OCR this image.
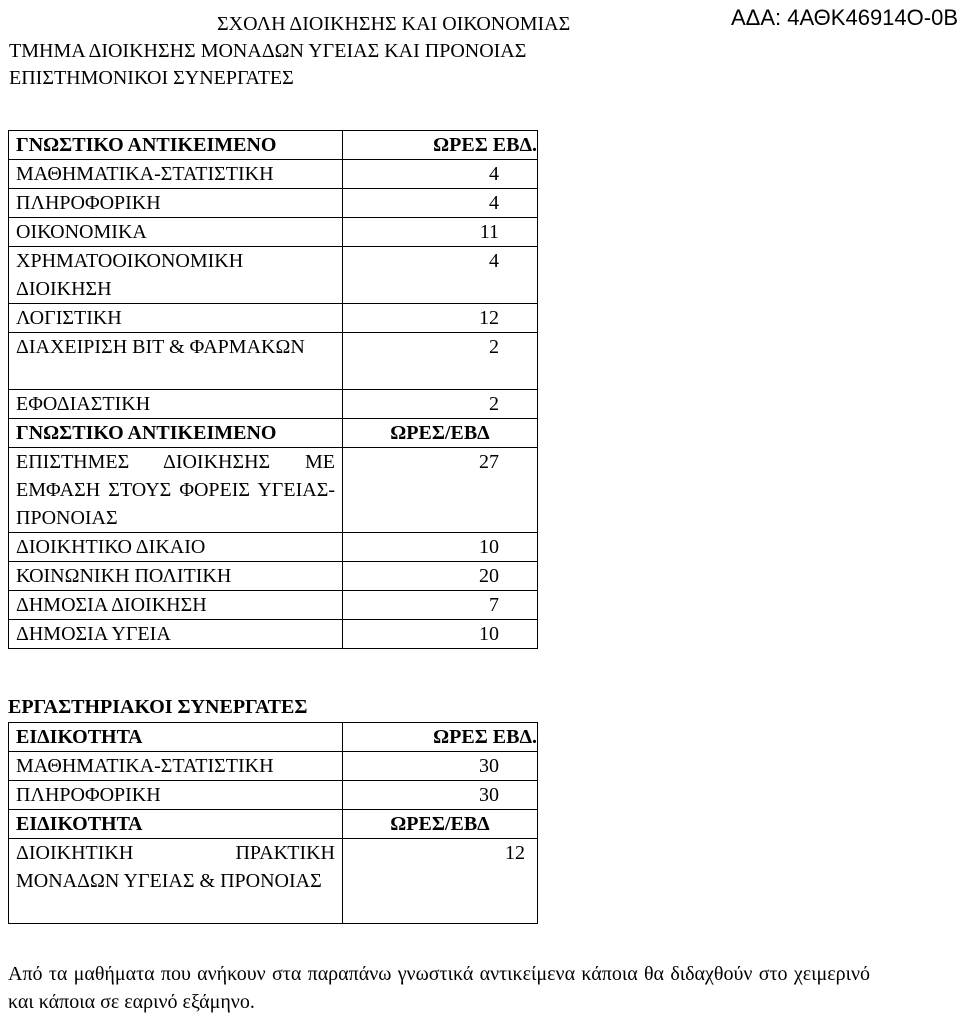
ΣΧΟΛΗ ΔΙΟΙΚΗΣΗΣ ΚΑΙ ΟΙΚΟΝΟΜΙΑΣ	ΑΔΑ: 4ΑΘΚ46914Ο-0Β
ΤΜΗΜΑ ΔΙΟΙΚΗΣΗΣ ΜΟΝΑΔΩΝ ΥΓΕΙΑΣ ΚΑΙ ΠΡΟΝΟΙΑΣ
ΕΠΙΣΤΗΜΟΝΙΚΟΙ ΣΥΝΕΡΓΑΤΕΣ
ΓΝΩΣΤΙΚΟ ΑΝΤΙΚΕΙΜΕΝΟ	ΩΡΕΣ ΕΒΔ.
ΜΑΘΗΜΑΤΙΚΑ-ΣΤΑΤΙΣΤΙΚΗ	4
ΠΛΗΡΟΦΟΡΙΚΗ	4
ΟΙΚΟΝΟΜΙΚΑ	11
ΧΡΗΜΑΤΟΟΙΚΟΝΟΜΙΚΗ ΔΙΟΙΚΗΣΗ	4
ΛΟΓΙΣΤΙΚΗ	12
ΔΙΑΧΕΙΡΙΣΗ BIT & ΦΑΡΜΑΚΩΝ	2
ΕΦΟΔΙΑΣΤΙΚΗ	2
ΓΝΩΣΤΙΚΟ ΑΝΤΙΚΕΙΜΕΝΟ	ΩΡΕΣ/ΕΒΔ
ΕΠΙΣΤΗΜΕΣ ΔΙΟΙΚΗΣΗΣ ΜΕ ΕΜΦΑΣΗ ΣΤΟΥΣ ΦΟΡΕΙΣ ΥΓΕΙΑΣ-ΠΡΟΝΟΙΑΣ	27
ΔΙΟΙΚΗΤΙΚΟ ΔΙΚΑΙΟ	10
ΚΟΙΝΩΝΙΚΗ ΠΟΛΙΤΙΚΗ	20
ΔΗΜΟΣΙΑ ΔΙΟΙΚΗΣΗ	7
ΔΗΜΟΣΙΑ ΥΓΕΙΑ	10
ΕΡΓΑΣΤΗΡΙΑΚΟΙ ΣΥΝΕΡΓΑΤΕΣ
ΕΙΔΙΚΟΤΗΤΑ	ΩΡΕΣ ΕΒΔ.
ΜΑΘΗΜΑΤΙΚΑ-ΣΤΑΤΙΣΤΙΚΗ	30
ΠΛΗΡΟΦΟΡΙΚΗ	30
ΕΙΔΙΚΟΤΗΤΑ	ΩΡΕΣ/ΕΒΔ
ΔΙΟΙΚΗΤΙΚΗ ΠΡΑΚΤΙΚΗ ΜΟΝΑΔΩΝ ΥΓΕΙΑΣ & ΠΡΟΝΟΙΑΣ	12
Από τα μαθήματα που ανήκουν στα παραπάνω γνωστικά αντικείμενα κάποια θα διδαχθούν στο χειμερινό και κάποια σε εαρινό εξάμηνο.
